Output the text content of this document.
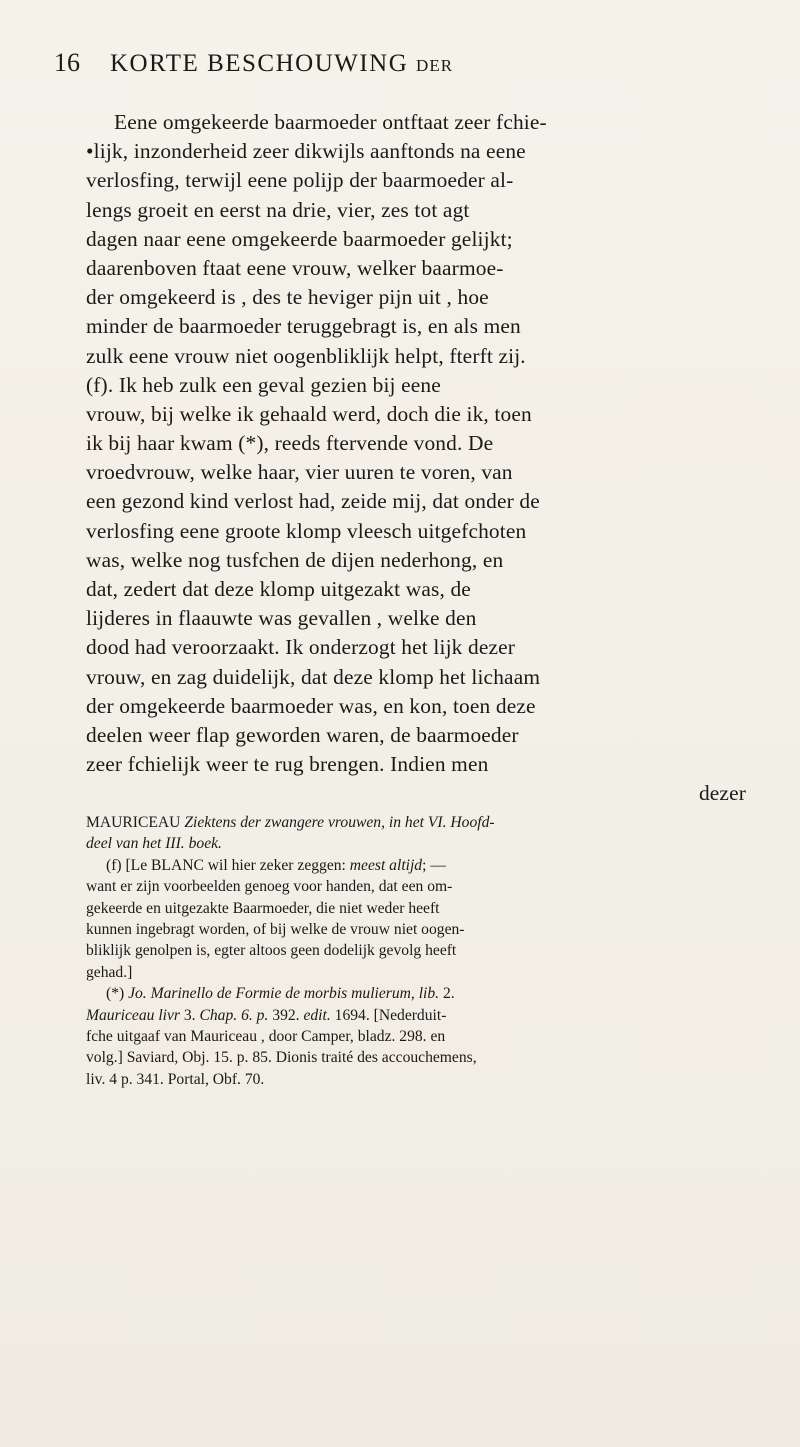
16 KORTE BESCHOUWING DER
Eene omgekeerde baarmoeder ontftaat zeer fchie-
•lijk, inzonderheid zeer dikwijls aanftonds na eene
verlosfing, terwijl eene polijp der baarmoeder al-
lengs groeit en eerst na drie, vier, zes tot agt
dagen naar eene omgekeerde baarmoeder gelijkt;
daarenboven ftaat eene vrouw, welker baarmoe-
der omgekeerd is , des te heviger pijn uit , hoe
minder de baarmoeder teruggebragt is, en als men
zulk eene vrouw niet oogenbliklijk helpt, fterft zij.
(f). Ik heb zulk een geval gezien bij eene
vrouw, bij welke ik gehaald werd, doch die ik, toen
ik bij haar kwam (*), reeds ftervende vond. De
vroedvrouw, welke haar, vier uuren te voren, van
een gezond kind verlost had, zeide mij, dat onder de
verlosfing eene groote klomp vleesch uitgefchoten
was, welke nog tusfchen de dijen nederhong, en
dat, zedert dat deze klomp uitgezakt was, de
lijderes in flaauwte was gevallen , welke den
dood had veroorzaakt. Ik onderzogt het lijk dezer
vrouw, en zag duidelijk, dat deze klomp het lichaam
der omgekeerde baarmoeder was, en kon, toen deze
deelen weer flap geworden waren, de baarmoeder
zeer fchielijk weer te rug brengen. Indien men
dezer
MAURICEAU Ziektens der zwangere vrouwen, in het VI. Hoofd-
deel van het III. boek.
(f) [Le BLANC wil hier zeker zeggen: meest altijd; —
want er zijn voorbeelden genoeg voor handen, dat een om-
gekeerde en uitgezakte Baarmoeder, die niet weder heeft
kunnen ingebragt worden, of bij welke de vrouw niet oogen-
bliklijk genolpen is, egter altoos geen dodelijk gevolg heeft
gehad.]
(*) Jo. Marinello de Formie de morbis mulierum, lib. 2.
Mauriceau livr 3. Chap. 6. p. 392. edit. 1694. [Nederduit-
fche uitgaaf van Mauriceau , door Camper, bladz. 298. en
volg.] Saviard, Obj. 15. p. 85. Dionis traité des accouchemens,
liv. 4 p. 341. Portal, Obf. 70.
